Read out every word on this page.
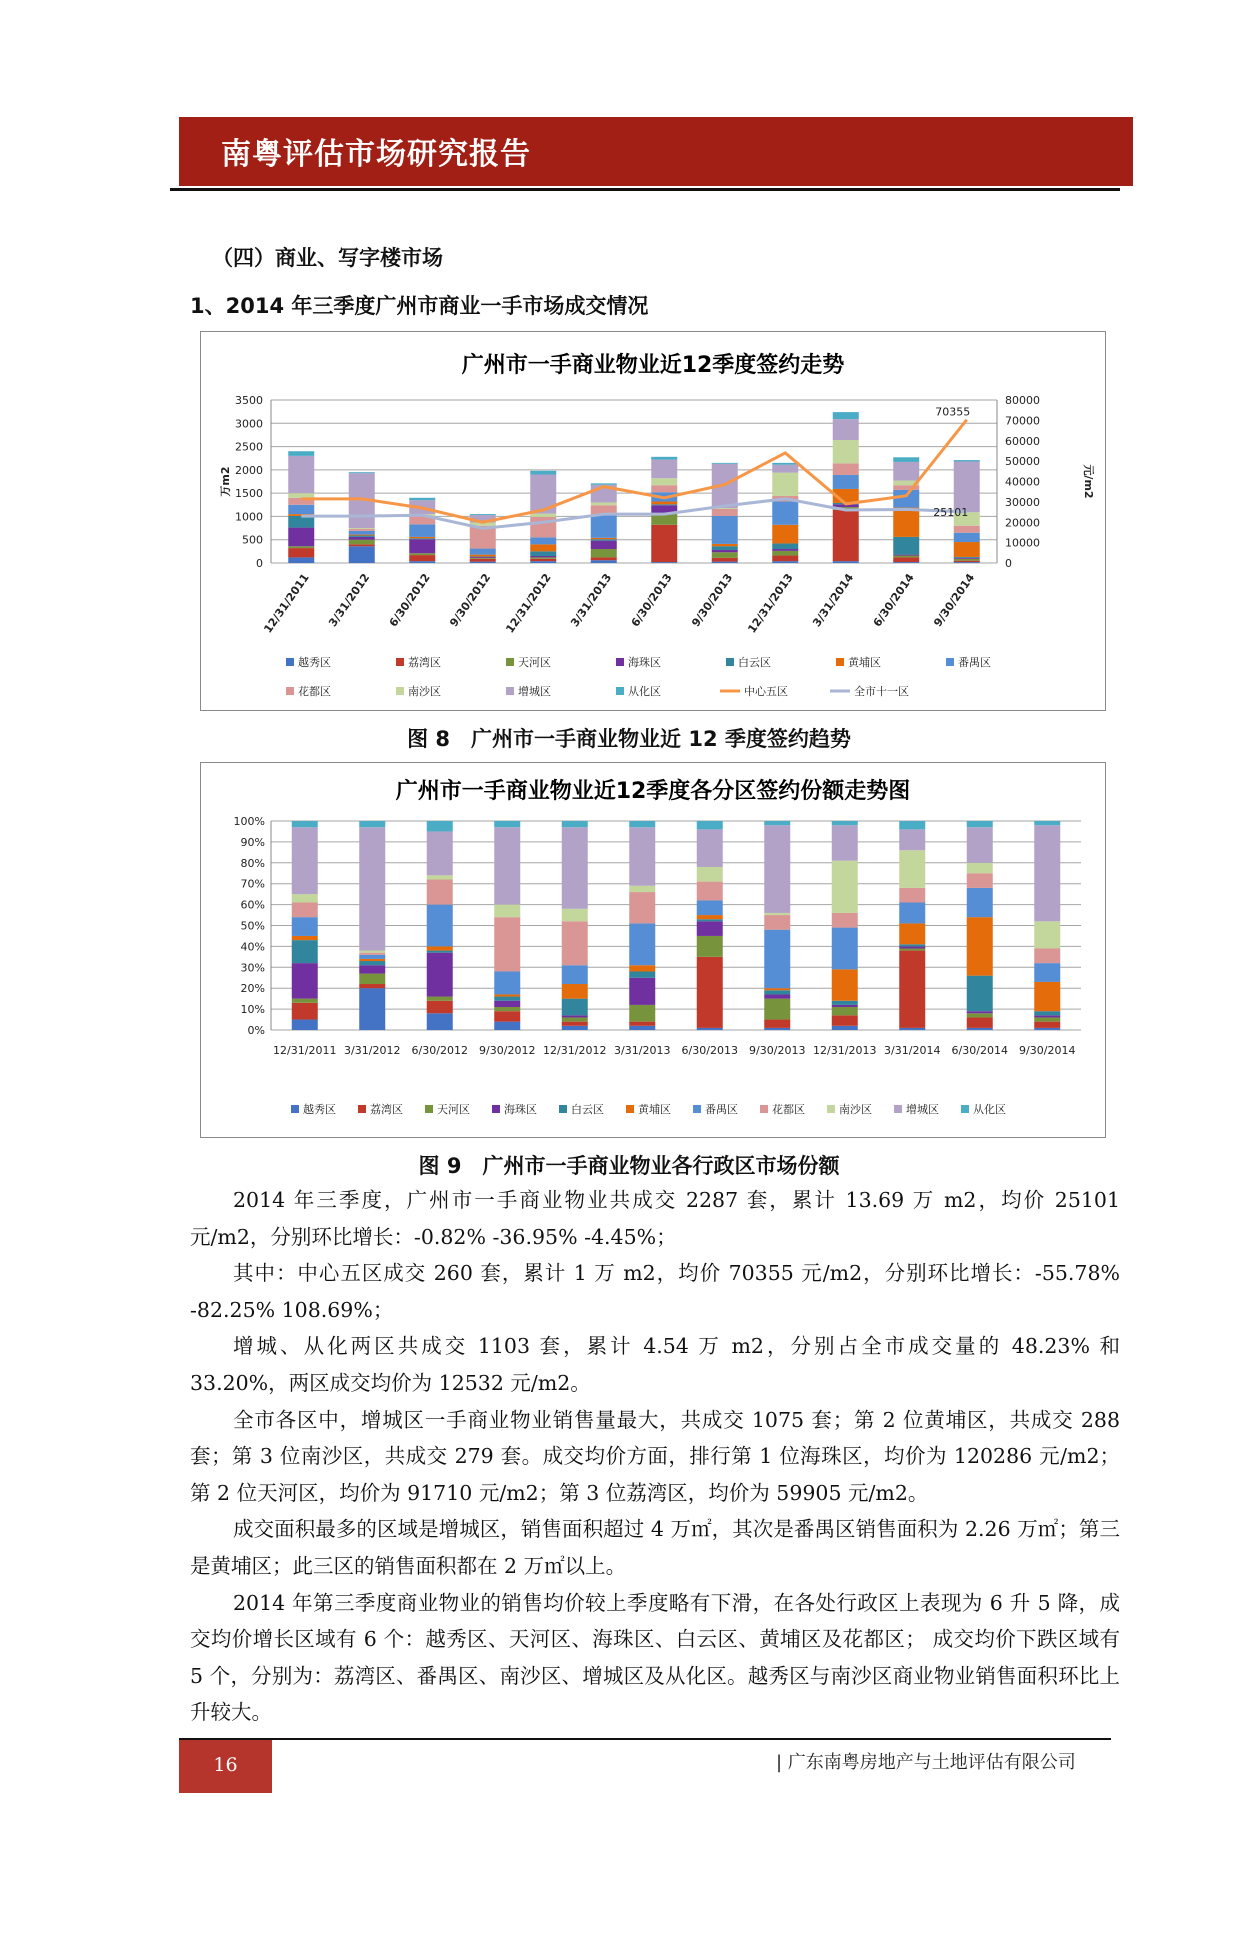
南粤评估市场研究报告
（四）商业、写字楼市场
1、2014 年三季度广州市商业一手市场成交情况
广州市一手商业物业近12季度签约走势
0
500
1000
1500
2000
2500
3000
3500
0
10000
20000
30000
40000
50000
60000
70000
80000
万m2	元/m2
12/31/2011 3/31/2012 6/30/2012 9/30/2012 12/31/2012 3/31/2013 6/30/2013 9/30/2013 12/31/2013 3/31/2014 6/30/2014 9/30/2014
70355
25101
越秀区	荔湾区	天河区	海珠区	白云区	黄埔区	番禺区
花都区	南沙区	增城区	从化区	中心五区	全市十一区
图 8　广州市一手商业物业近 12 季度签约趋势
广州市一手商业物业近12季度各分区签约份额走势图
0%
10%
20%
30%
40%
50%
60%
70%
80%
90%
100%
12/31/2011 3/31/2012 6/30/2012 9/30/2012 12/31/2012 3/31/2013 6/30/2013 9/30/2013 12/31/2013 3/31/2014 6/30/2014 9/30/2014
越秀区	荔湾区	天河区	海珠区	白云区	黄埔区	番禺区	花都区	南沙区	增城区	从化区
图 9　广州市一手商业物业各行政区市场份额

2014 年三季度，广州市一手商业物业共成交 2287 套，累计 13.69 万 m2，均价 25101 元/m2，分别环比增长：-0.82% -36.95% -4.45%；

其中：中心五区成交 260 套，累计 1 万 m2，均价 70355 元/m2，分别环比增长：-55.78% -82.25% 108.69%；

增城、从化两区共成交 1103 套，累计 4.54 万 m2，分别占全市成交量的 48.23% 和 33.20%，两区成交均价为 12532 元/m2。

全市各区中，增城区一手商业物业销售量最大，共成交 1075 套；第 2 位黄埔区，共成交 288 套；第 3 位南沙区，共成交 279 套。成交均价方面，排行第 1 位海珠区，均价为 120286 元/m2；第 2 位天河区，均价为 91710 元/m2；第 3 位荔湾区，均价为 59905 元/m2。

成交面积最多的区域是增城区，销售面积超过 4 万㎡，其次是番禺区销售面积为 2.26 万㎡；第三是黄埔区；此三区的销售面积都在 2 万㎡以上。

2014 年第三季度商业物业的销售均价较上季度略有下滑，在各处行政区上表现为 6 升 5 降，成交均价增长区域有 6 个：越秀区、天河区、海珠区、白云区、黄埔区及花都区； 成交均价下跌区域有 5 个，分别为：荔湾区、番禺区、南沙区、增城区及从化区。越秀区与南沙区商业物业销售面积环比上升较大。

16	| 广东南粤房地产与土地评估有限公司
